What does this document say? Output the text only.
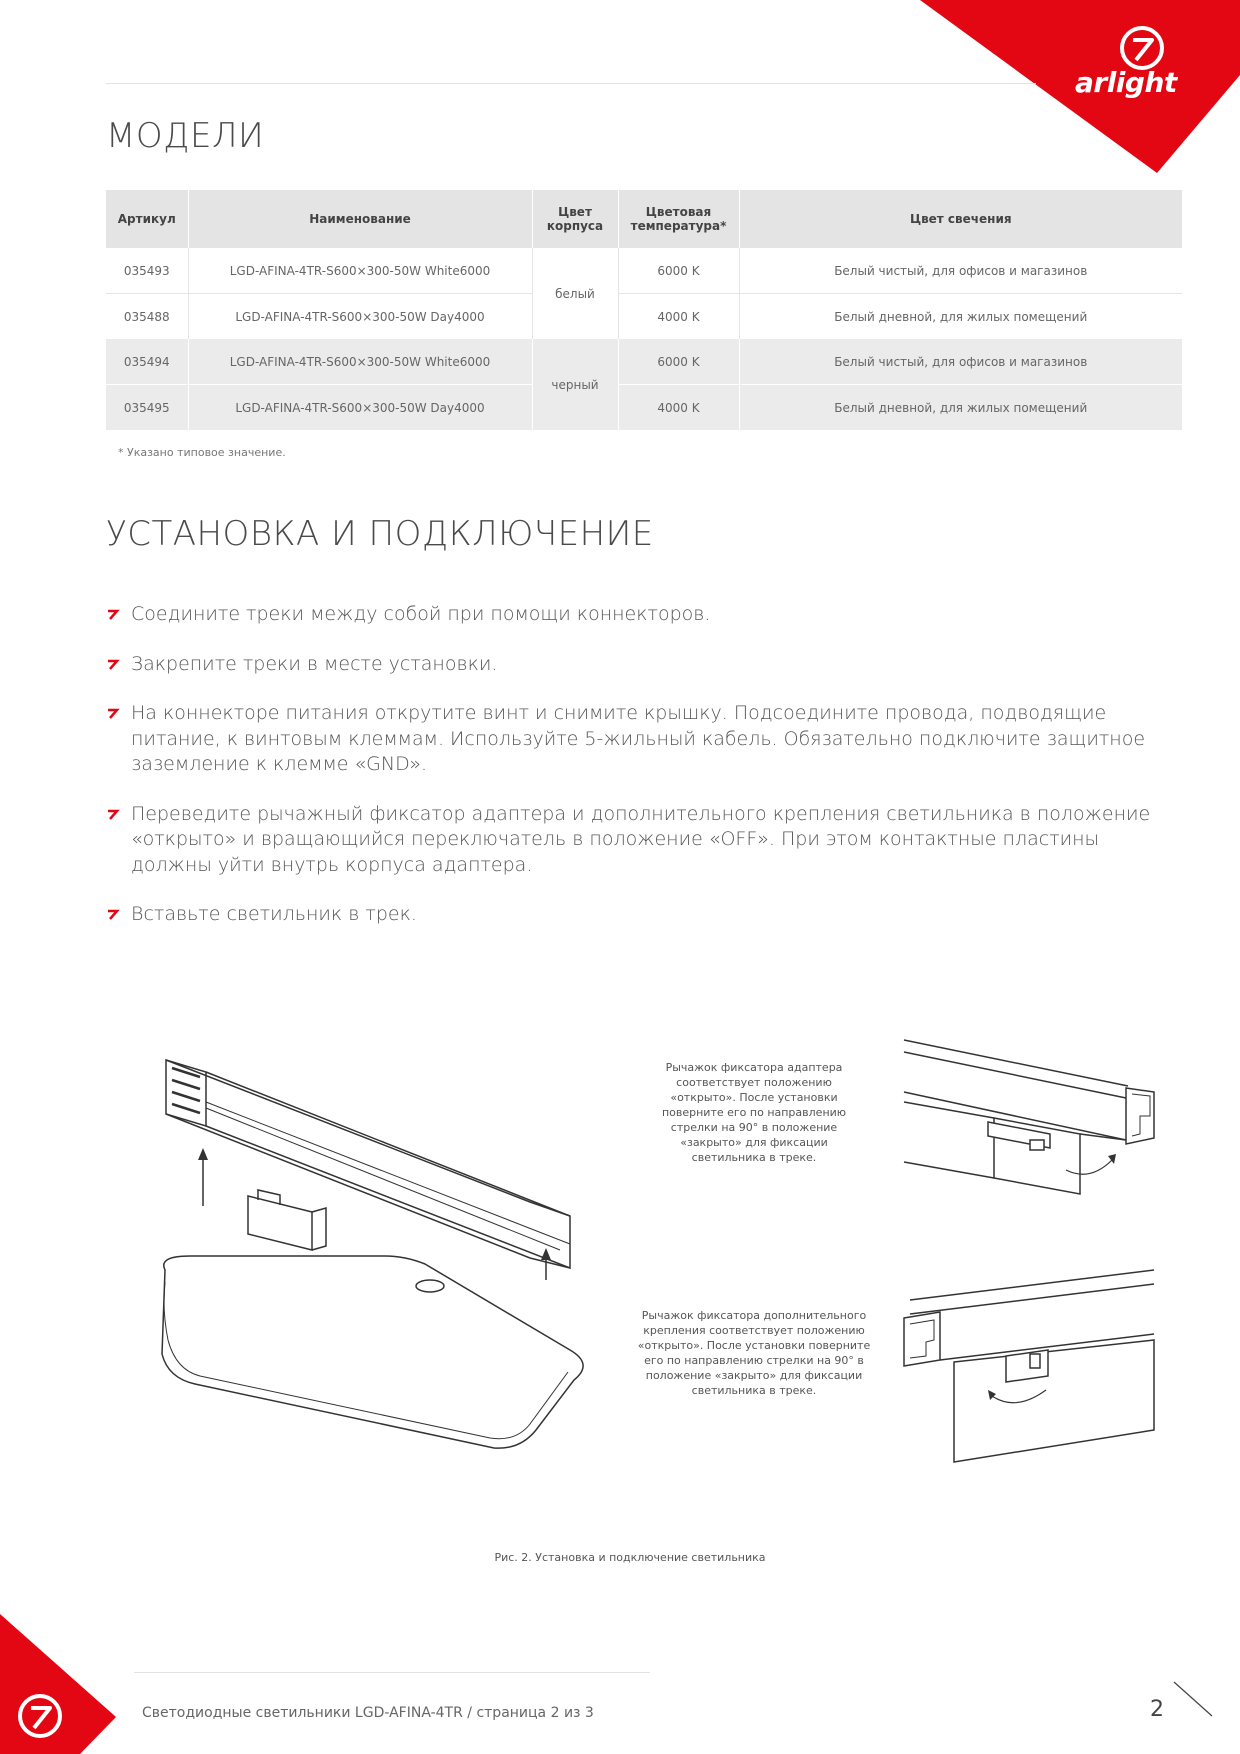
arlight
МОДЕЛИ
Артикул	Наименование	Цвет корпуса	Цветовая температура*	Цвет свечения
035493	LGD-AFINA-4TR-S600×300-50W White6000	белый	6000 K	Белый чистый, для офисов и магазинов
035488	LGD-AFINA-4TR-S600×300-50W Day4000		4000 K	Белый дневной, для жилых помещений
035494	LGD-AFINA-4TR-S600×300-50W White6000	черный	6000 K	Белый чистый, для офисов и магазинов
035495	LGD-AFINA-4TR-S600×300-50W Day4000		4000 K	Белый дневной, для жилых помещений
* Указано типовое значение.
УСТАНОВКА И ПОДКЛЮЧЕНИЕ
Соедините треки между собой при помощи коннекторов.
Закрепите треки в месте установки.
На коннекторе питания открутите винт и снимите крышку. Подсоедините провода, подводящие питание, к винтовым клеммам. Используйте 5-жильный кабель. Обязательно подключите защитное заземление к клемме «GND».
Переведите рычажный фиксатор адаптера и дополнительного крепления светильника в положение «открыто» и вращающийся переключатель в положение «OFF». При этом контактные пластины должны уйти внутрь корпуса адаптера.
Вставьте светильник в трек.
Рычажок фиксатора адаптера соответствует положению «открыто». После установки поверните его по направлению стрелки на 90° в положение «закрыто» для фиксации светильника в треке.
Рычажок фиксатора дополнительного крепления соответствует положению «открыто». После установки поверните его по направлению стрелки на 90° в положение «закрыто» для фиксации светильника в треке.
Рис. 2. Установка и подключение светильника
Светодиодные светильники LGD-AFINA-4TR / страница 2 из 3	2
